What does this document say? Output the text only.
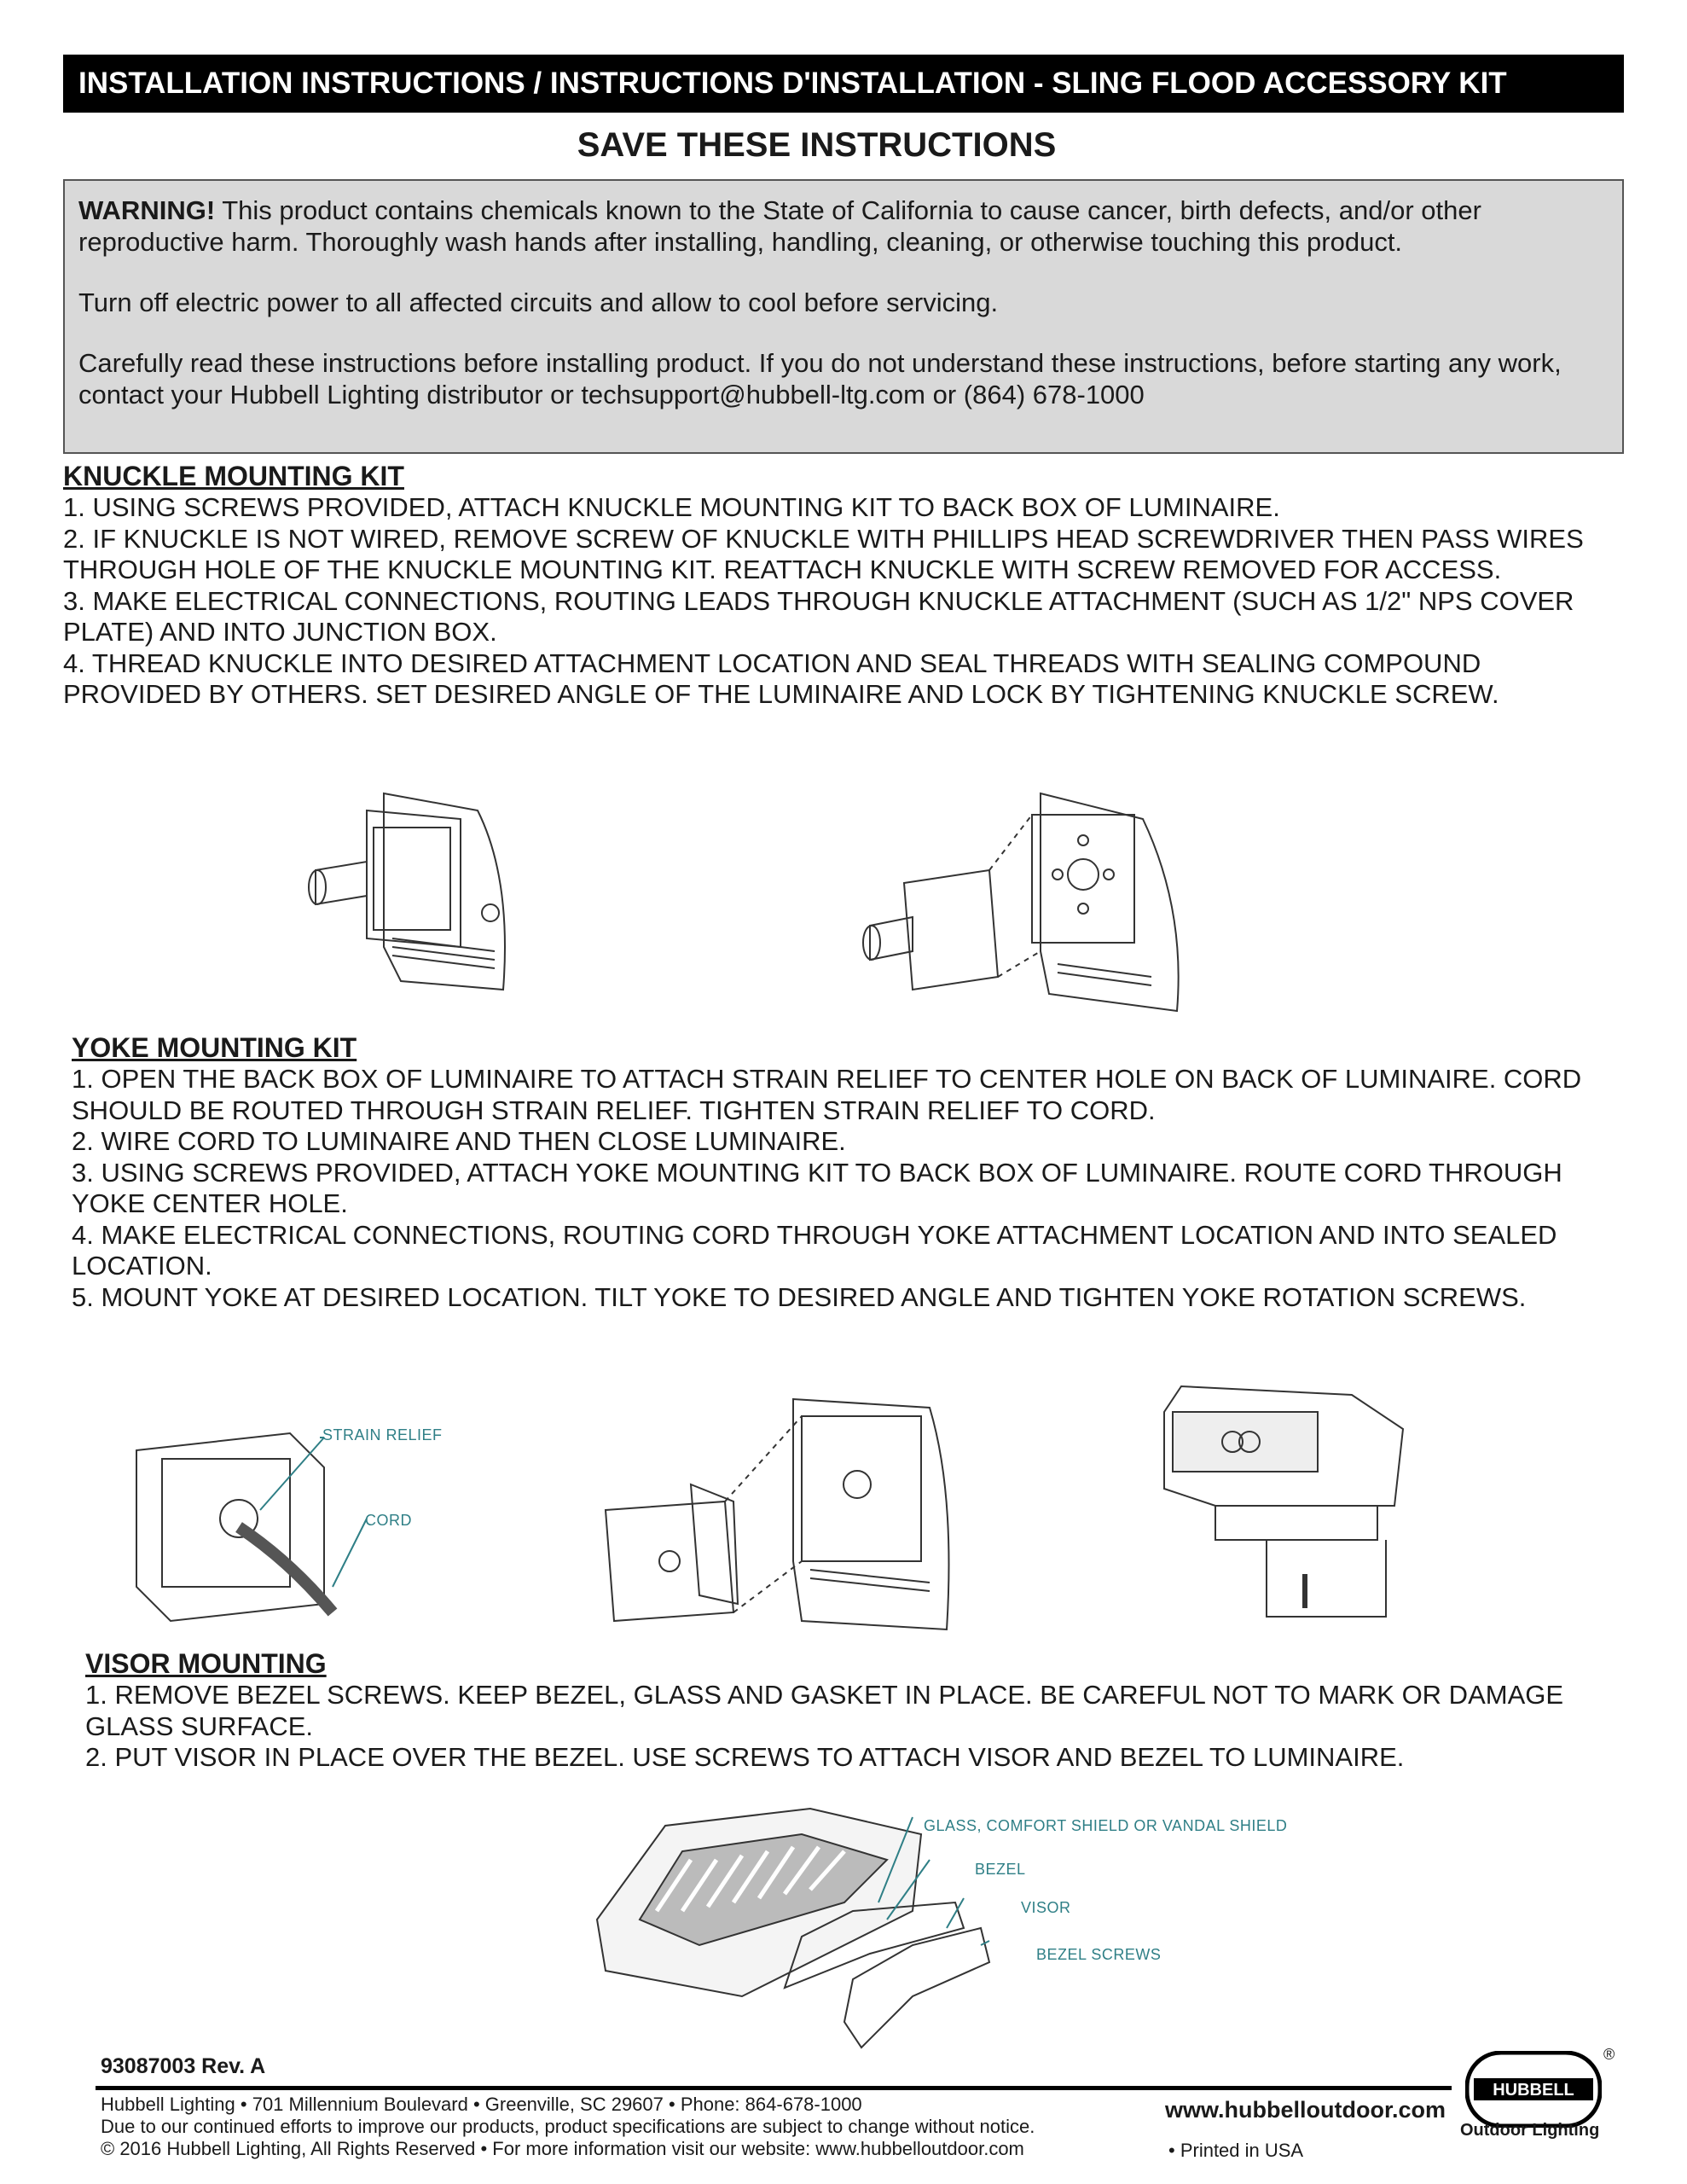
INSTALLATION INSTRUCTIONS / INSTRUCTIONS D'INSTALLATION - SLING FLOOD ACCESSORY KIT
SAVE THESE INSTRUCTIONS

WARNING! This product contains chemicals known to the State of California to cause cancer, birth defects, and/or other reproductive harm. Thoroughly wash hands after installing, handling, cleaning, or otherwise touching this product.

Turn off electric power to all affected circuits and allow to cool before servicing.

Carefully read these instructions before installing product. If you do not understand these instructions, before starting any work, contact your Hubbell Lighting distributor or techsupport@hubbell-ltg.com or (864) 678-1000

KNUCKLE MOUNTING KIT
1. USING SCREWS PROVIDED, ATTACH KNUCKLE MOUNTING KIT TO BACK BOX OF LUMINAIRE.
2. IF KNUCKLE IS NOT WIRED, REMOVE SCREW OF KNUCKLE WITH PHILLIPS HEAD SCREWDRIVER THEN PASS WIRES THROUGH HOLE OF THE KNUCKLE MOUNTING KIT. REATTACH KNUCKLE WITH SCREW REMOVED FOR ACCESS.
3. MAKE ELECTRICAL CONNECTIONS, ROUTING LEADS THROUGH KNUCKLE ATTACHMENT (SUCH AS 1/2" NPS COVER PLATE) AND INTO JUNCTION BOX.
4. THREAD KNUCKLE INTO DESIRED ATTACHMENT LOCATION AND SEAL THREADS WITH SEALING COMPOUND PROVIDED BY OTHERS. SET DESIRED ANGLE OF THE LUMINAIRE AND LOCK BY TIGHTENING KNUCKLE SCREW.
YOKE MOUNTING KIT
1. OPEN THE BACK BOX OF LUMINAIRE TO ATTACH STRAIN RELIEF TO CENTER HOLE ON BACK OF LUMINAIRE. CORD SHOULD BE ROUTED THROUGH STRAIN RELIEF. TIGHTEN STRAIN RELIEF TO CORD.
2. WIRE CORD TO LUMINAIRE AND THEN CLOSE LUMINAIRE.
3. USING SCREWS PROVIDED, ATTACH YOKE MOUNTING KIT TO BACK BOX OF LUMINAIRE. ROUTE CORD THROUGH YOKE CENTER HOLE.
4. MAKE ELECTRICAL CONNECTIONS, ROUTING CORD THROUGH YOKE ATTACHMENT LOCATION AND INTO SEALED LOCATION.
5. MOUNT YOKE AT DESIRED LOCATION. TILT YOKE TO DESIRED ANGLE AND TIGHTEN YOKE ROTATION SCREWS.
STRAIN RELIEF
CORD
VISOR MOUNTING
1. REMOVE BEZEL SCREWS. KEEP BEZEL, GLASS AND GASKET IN PLACE. BE CAREFUL NOT TO MARK OR DAMAGE GLASS SURFACE.
2. PUT VISOR IN PLACE OVER THE BEZEL. USE SCREWS TO ATTACH VISOR AND BEZEL TO LUMINAIRE.
GLASS, COMFORT SHIELD OR VANDAL SHIELD
BEZEL
VISOR
BEZEL SCREWS
93087003 Rev. A
Hubbell Lighting • 701 Millennium Boulevard • Greenville, SC 29607 • Phone: 864-678-1000
Due to our continued efforts to improve our products, product specifications are subject to change without notice.
© 2016 Hubbell Lighting, All Rights Reserved • For more information visit our website: www.hubbelloutdoor.com
www.hubbelloutdoor.com
• Printed in USA
HUBBELL
Outdoor Lighting
®
